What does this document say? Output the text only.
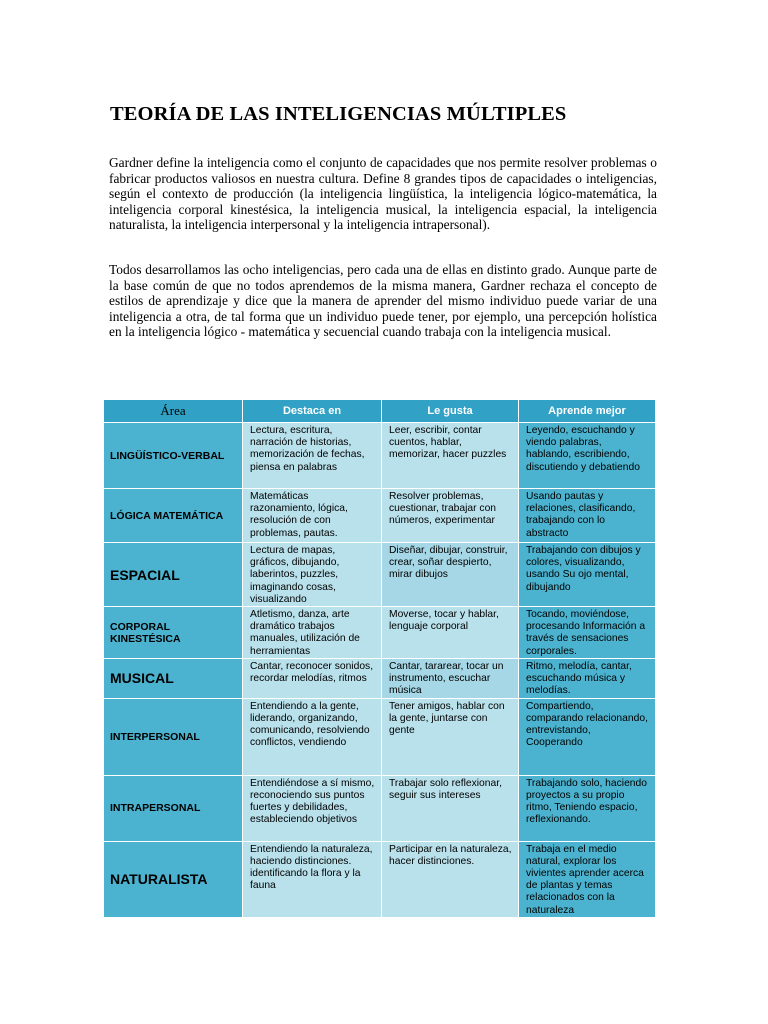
TEORÍA DE LAS INTELIGENCIAS MÚLTIPLES

Gardner define la inteligencia como el conjunto de capacidades que nos permite resolver problemas o fabricar productos valiosos en nuestra cultura. Define 8 grandes tipos de capacidades o inteligencias, según el contexto de producción (la inteligencia lingüística, la inteligencia lógico-matemática, la inteligencia corporal kinestésica, la inteligencia musical, la inteligencia espacial, la inteligencia naturalista, la inteligencia interpersonal y la inteligencia intrapersonal).

Todos desarrollamos las ocho inteligencias, pero cada una de ellas en distinto grado. Aunque parte de la base común de que no todos aprendemos de la misma manera, Gardner rechaza el concepto de estilos de aprendizaje y dice que la manera de aprender del mismo individuo puede variar de una inteligencia a otra, de tal forma que un individuo puede tener, por ejemplo, una percepción holística en la inteligencia lógico - matemática y secuencial cuando trabaja con la inteligencia musical.

Área	Destaca en	Le gusta	Aprende mejor
LINGÜÍSTICO-VERBAL	Lectura, escritura, narración de historias, memorización de fechas, piensa en palabras	Leer, escribir, contar cuentos, hablar, memorizar, hacer puzzles	Leyendo, escuchando y viendo palabras, hablando, escribiendo, discutiendo y debatiendo
LÓGICA MATEMÁTICA	Matemáticas razonamiento, lógica, resolución de con problemas, pautas.	Resolver problemas, cuestionar, trabajar con números, experimentar	Usando pautas y relaciones, clasificando, trabajando con lo abstracto
ESPACIAL	Lectura de mapas, gráficos, dibujando, laberintos, puzzles, imaginando cosas, visualizando	Diseñar, dibujar, construir, crear, soñar despierto, mirar dibujos	Trabajando con dibujos y colores, visualizando, usando Su ojo mental, dibujando
CORPORAL KINESTÉSICA	Atletismo, danza, arte dramático trabajos manuales, utilización de herramientas	Moverse, tocar y hablar, lenguaje corporal	Tocando, moviéndose, procesando Información a través de sensaciones corporales.
MUSICAL	Cantar, reconocer sonidos, recordar melodías, ritmos	Cantar, tararear, tocar un instrumento, escuchar música	Ritmo, melodía, cantar, escuchando música y melodías.
INTERPERSONAL	Entendiendo a la gente, liderando, organizando, comunicando, resolviendo conflictos, vendiendo	Tener amigos, hablar con la gente, juntarse con gente	Compartiendo, comparando relacionando, entrevistando, Cooperando
INTRAPERSONAL	Entendiéndose a sí mismo, reconociendo sus puntos fuertes y debilidades, estableciendo objetivos	Trabajar solo reflexionar, seguir sus intereses	Trabajando solo, haciendo proyectos a su propio ritmo, Teniendo espacio, reflexionando.
NATURALISTA	Entendiendo la naturaleza, haciendo distinciones. identificando la flora y la fauna	Participar en la naturaleza, hacer distinciones.	Trabaja en el medio natural, explorar los vivientes aprender acerca de plantas y temas relacionados con la naturaleza
